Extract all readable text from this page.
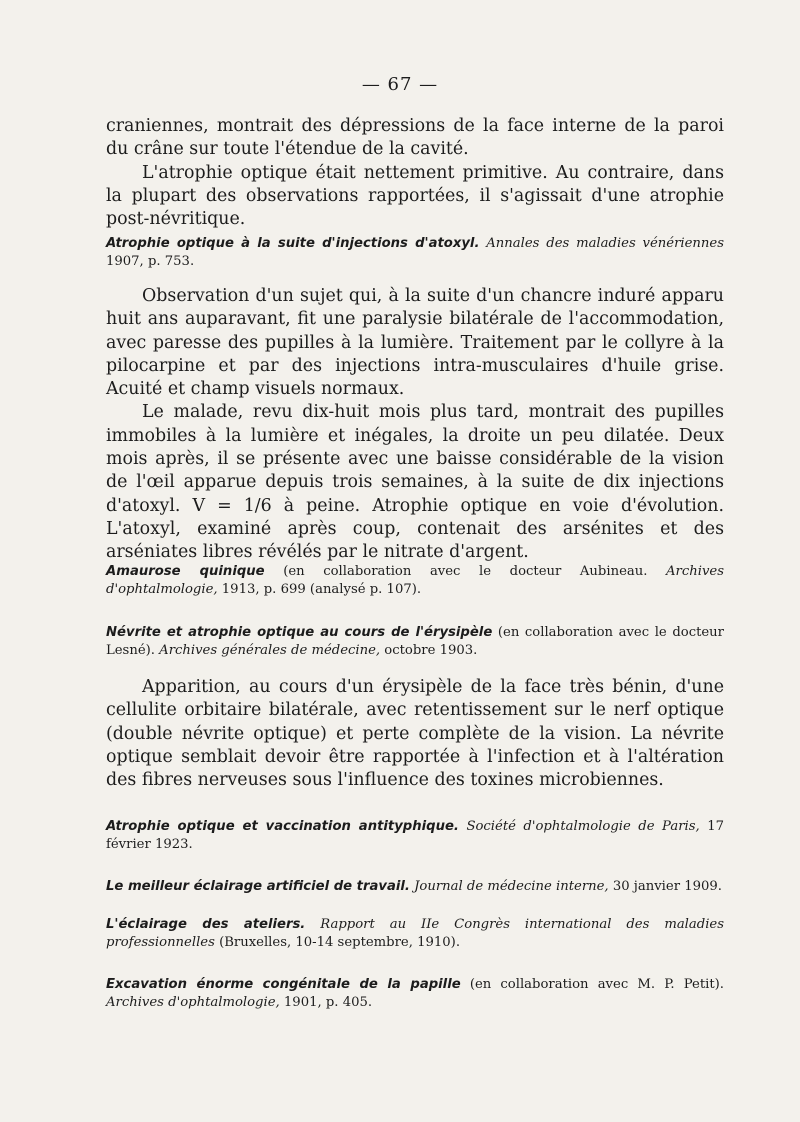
— 67 —

craniennes, montrait des dépressions de la face interne de la paroi du crâne sur toute l'étendue de la cavité.

L'atrophie optique était nettement primitive. Au contraire, dans la plupart des observations rapportées, il s'agissait d'une atrophie post-névritique.

Atrophie optique à la suite d'injections d'atoxyl. Annales des maladies vénériennes 1907, p. 753.

Observation d'un sujet qui, à la suite d'un chancre induré apparu huit ans auparavant, fit une paralysie bilatérale de l'accommodation, avec paresse des pupilles à la lumière. Traitement par le collyre à la pilocarpine et par des injections intra-musculaires d'huile grise. Acuité et champ visuels normaux.

Le malade, revu dix-huit mois plus tard, montrait des pupilles immobiles à la lumière et inégales, la droite un peu dilatée. Deux mois après, il se présente avec une baisse considérable de la vision de l'œil apparue depuis trois semaines, à la suite de dix injections d'atoxyl. V = 1/6 à peine. Atrophie optique en voie d'évolution. L'atoxyl, examiné après coup, contenait des arsénites et des arséniates libres révélés par le nitrate d'argent.

Amaurose quinique (en collaboration avec le docteur Aubineau. Archives d'ophtalmologie, 1913, p. 699 (analysé p. 107).
Névrite et atrophie optique au cours de l'érysipèle (en collaboration avec le docteur Lesné). Archives générales de médecine, octobre 1903.

Apparition, au cours d'un érysipèle de la face très bénin, d'une cellulite orbitaire bilatérale, avec retentissement sur le nerf optique (double névrite optique) et perte complète de la vision. La névrite optique semblait devoir être rapportée à l'infection et à l'altération des fibres nerveuses sous l'influence des toxines microbiennes.

Atrophie optique et vaccination antityphique. Société d'ophtalmologie de Paris, 17 février 1923.
Le meilleur éclairage artificiel de travail. Journal de médecine interne, 30 janvier 1909.
L'éclairage des ateliers. Rapport au IIe Congrès international des maladies professionnelles (Bruxelles, 10-14 septembre, 1910).
Excavation énorme congénitale de la papille (en collaboration avec M. P. Petit). Archives d'ophtalmologie, 1901, p. 405.
